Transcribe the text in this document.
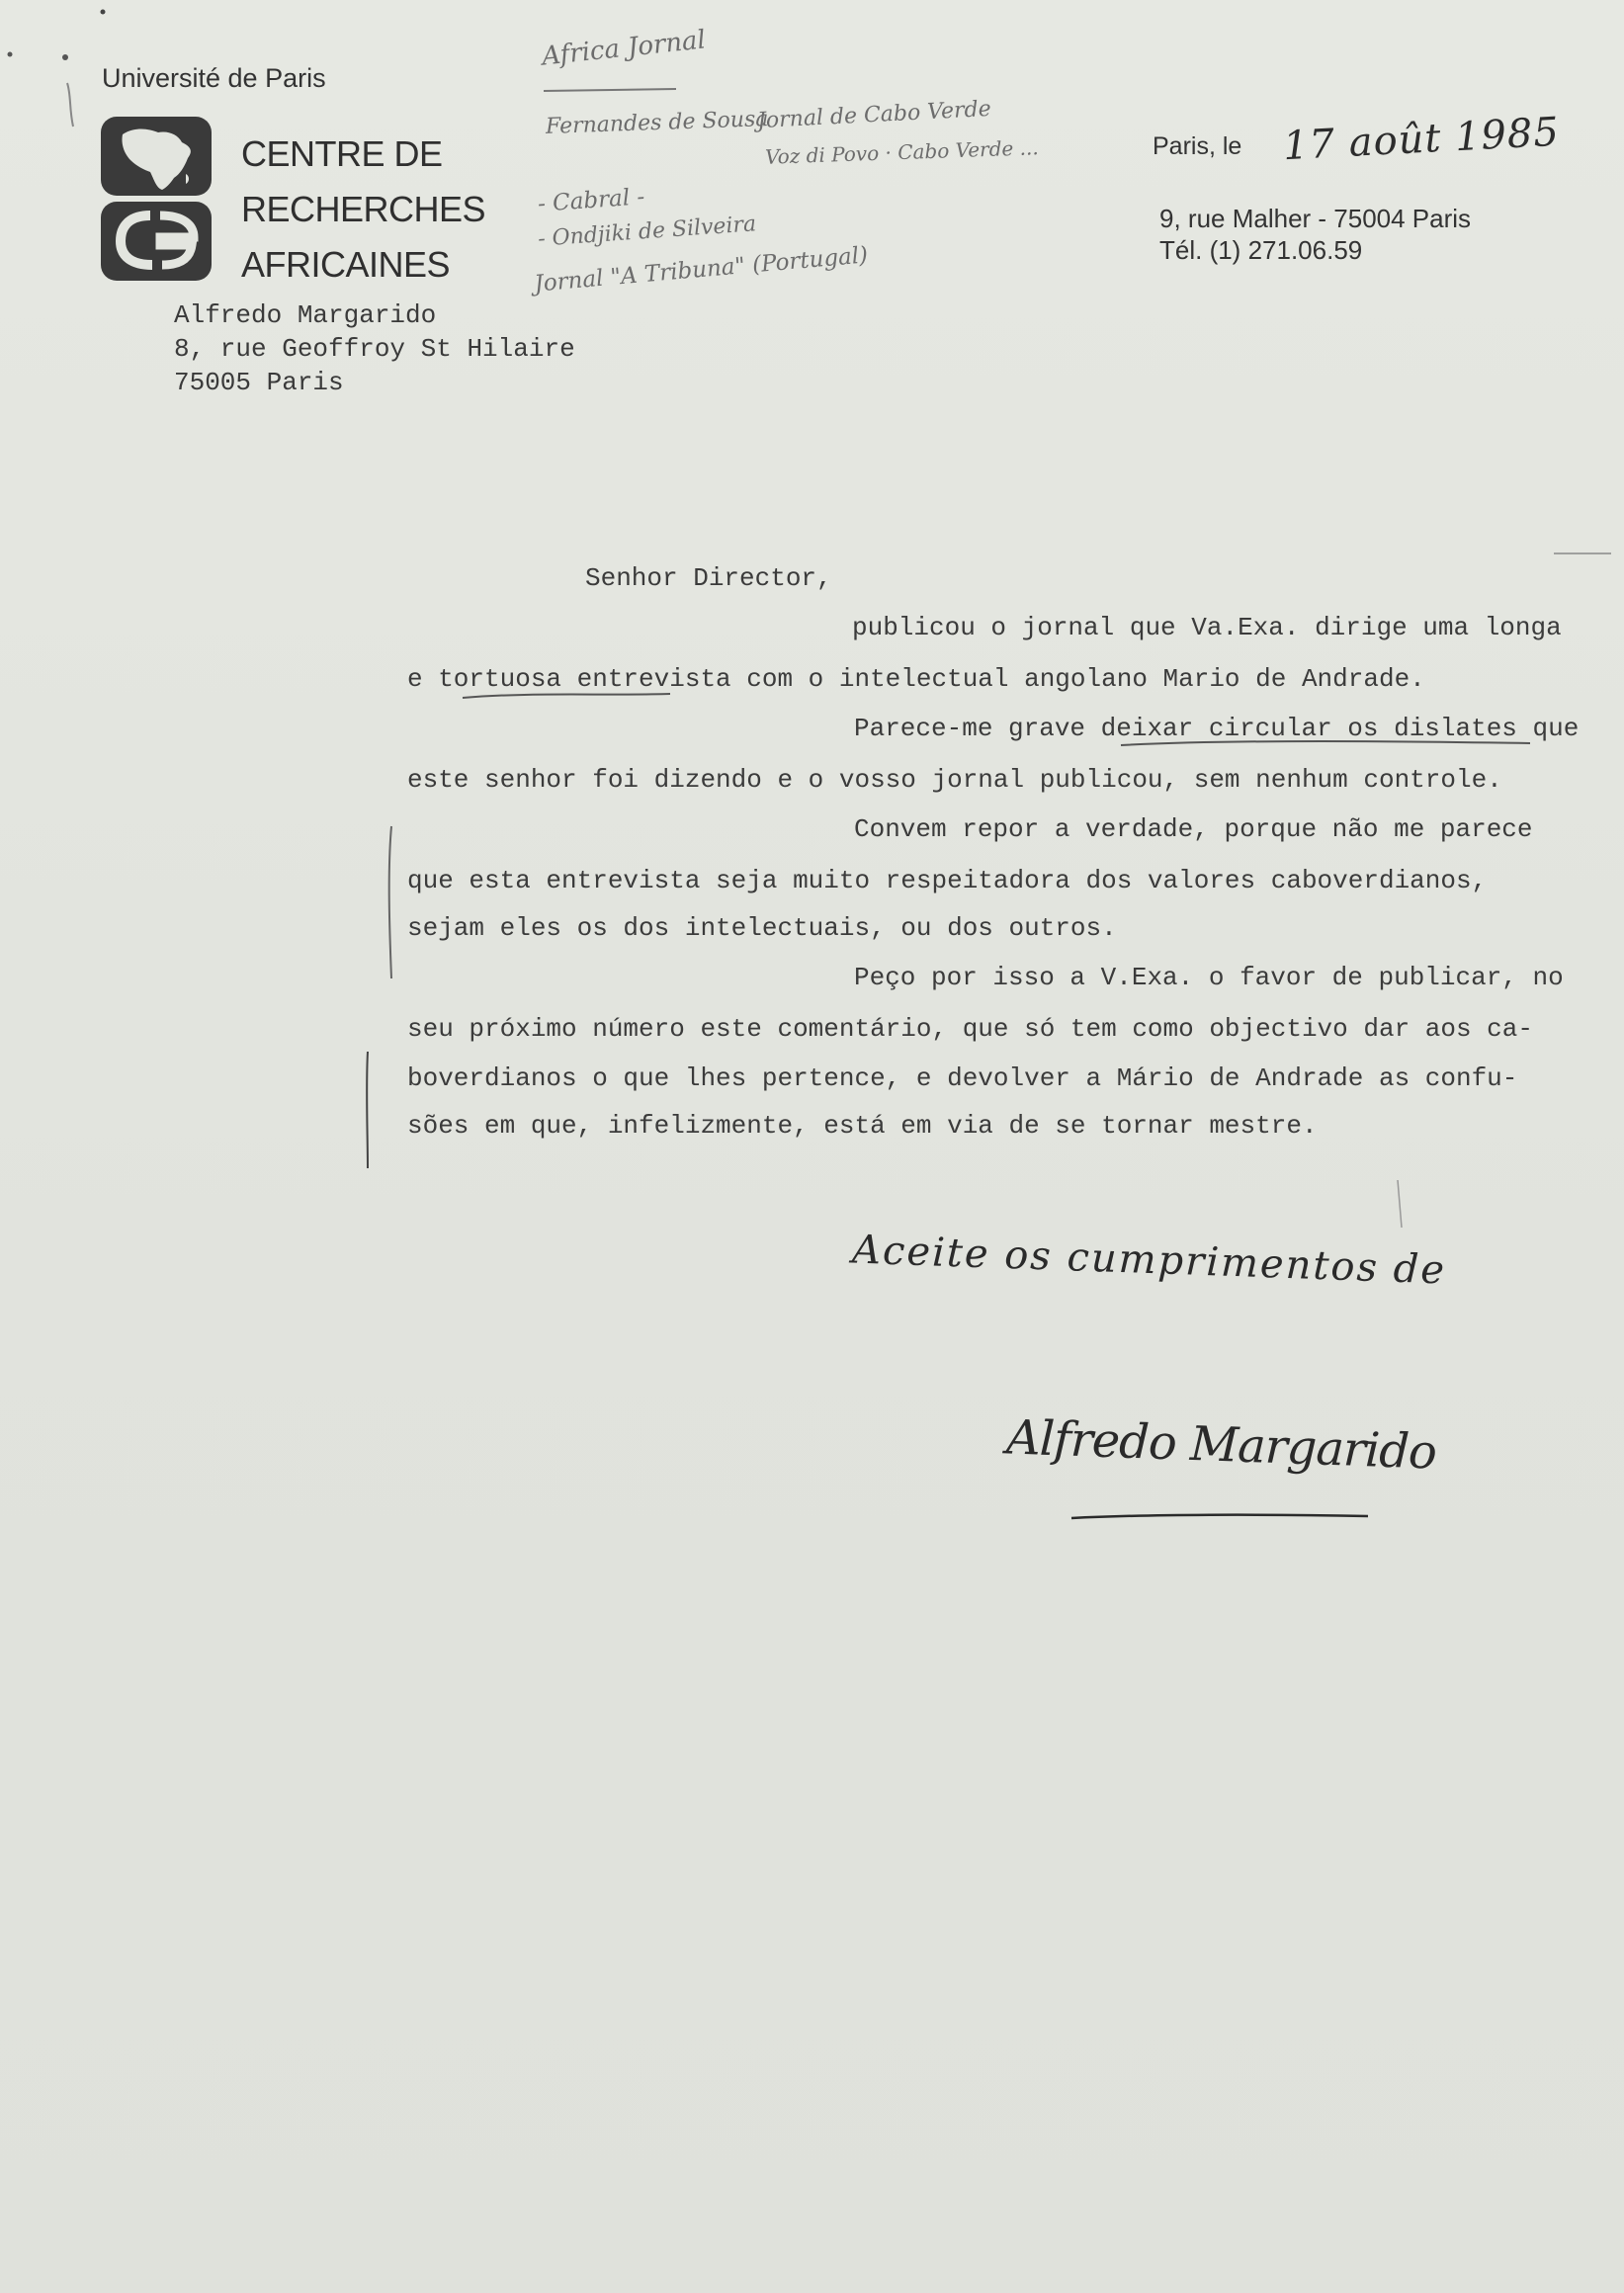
Université de Paris
CENTRE DE
RECHERCHES
AFRICAINES
Alfredo Margarido
8, rue Geoffroy St Hilaire
75005 Paris
Paris, le 17 août 1985
9, rue Malher - 75004 Paris
Tél. (1) 271.06.59
Africa Jornal
Fernandes de Sousa
Jornal de Cabo Verde
Voz di Povo · Cabo Verde ...
- Cabral -
- Ondjiki de Silveira
Jornal "A Tribuna" (Portugal)
Senhor Director,
publicou o jornal que Va.Exa. dirige uma longa
e tortuosa entrevista com o intelectual angolano Mario de Andrade.
Parece-me grave deixar circular os dislates que
este senhor foi dizendo e o vosso jornal publicou, sem nenhum controle.
Convem repor a verdade, porque não me parece
que esta entrevista seja muito respeitadora dos valores caboverdianos,
sejam eles os dos intelectuais, ou dos outros.
Peço por isso a V.Exa. o favor de publicar, no
seu próximo número este comentário, que só tem como objectivo dar aos ca-
boverdianos o que lhes pertence, e devolver a Mário de Andrade as confu-
sões em que, infelizmente, está em via de se tornar mestre.
Aceite os cumprimentos de
Alfredo Margarido
